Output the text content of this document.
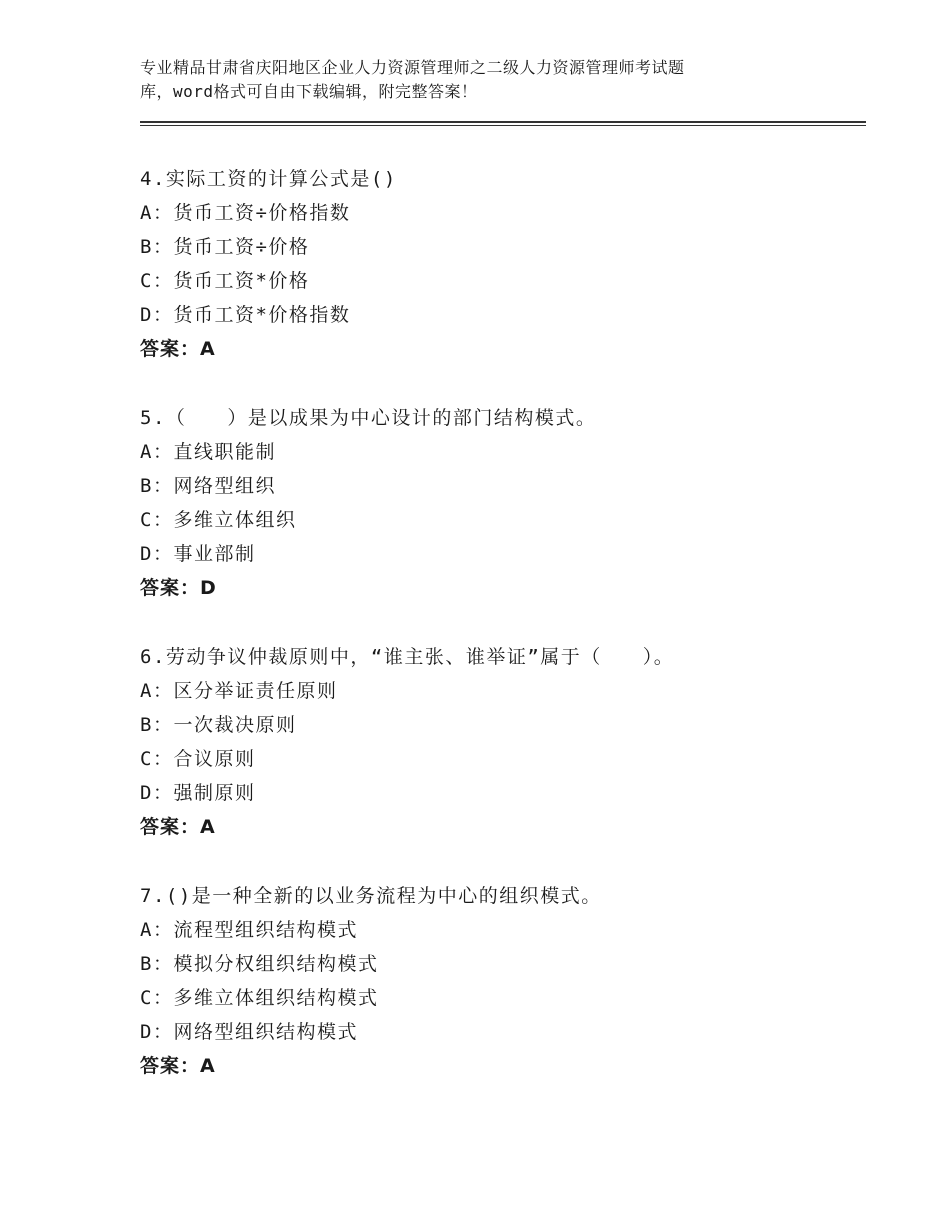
专业精品甘肃省庆阳地区企业人力资源管理师之二级人力资源管理师考试题
库，word格式可自由下载编辑，附完整答案！
4.实际工资的计算公式是()
A：货币工资÷价格指数
B：货币工资÷价格
C：货币工资*价格
D：货币工资*价格指数
答案：A
5.（　　）是以成果为中心设计的部门结构模式。
A：直线职能制
B：网络型组织
C：多维立体组织
D：事业部制
答案：D
6.劳动争议仲裁原则中，“谁主张、谁举证”属于（　　）。
A：区分举证责任原则
B：一次裁决原则
C：合议原则
D：强制原则
答案：A
7.()是一种全新的以业务流程为中心的组织模式。
A：流程型组织结构模式
B：模拟分权组织结构模式
C：多维立体组织结构模式
D：网络型组织结构模式
答案：A
